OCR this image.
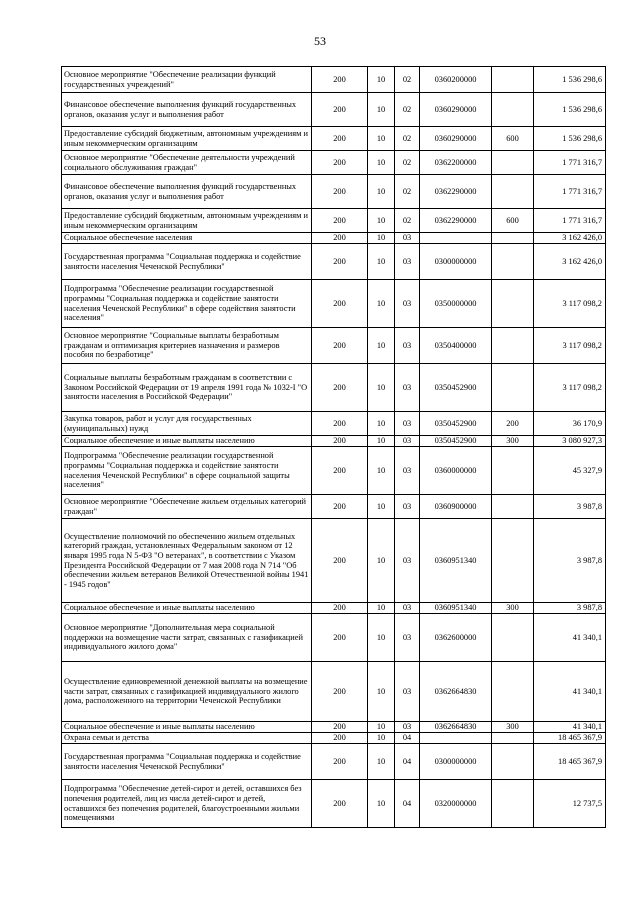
53
Основное мероприятие "Обеспечение реализации функций государственных учреждений"	200	10	02	0360200000		1 536 298,6
Финансовое обеспечение выполнения функций государственных органов, оказания услуг и выполнения работ	200	10	02	0360290000		1 536 298,6
Предоставление субсидий бюджетным, автономным учреждениям и иным некоммерческим организациям	200	10	02	0360290000	600	1 536 298,6
Основное мероприятие "Обеспечение деятельности учреждений социального обслуживания граждан"	200	10	02	0362200000		1 771 316,7
Финансовое обеспечение выполнения функций государственных органов, оказания услуг и выполнения работ	200	10	02	0362290000		1 771 316,7
Предоставление субсидий бюджетным, автономным учреждениям и иным некоммерческим организациям	200	10	02	0362290000	600	1 771 316,7
Социальное обеспечение населения	200	10	03			3 162 426,0
Государственная программа "Социальная поддержка и содействие занятости населения Чеченской Республики"	200	10	03	0300000000		3 162 426,0
Подпрограмма "Обеспечение реализации государственной программы "Социальная поддержка и содействие занятости населения Чеченской Республики" в сфере содействия занятости населения"	200	10	03	0350000000		3 117 098,2
Основное мероприятие "Социальные выплаты безработным гражданам и оптимизация критериев назначения и размеров пособия по безработице"	200	10	03	0350400000		3 117 098,2
Социальные выплаты безработным гражданам в соответствии с Законом Российской Федерации от 19 апреля 1991 года № 1032-I "О занятости населения в Российской Федерации"	200	10	03	0350452900		3 117 098,2
Закупка товаров, работ и услуг для государственных (муниципальных) нужд	200	10	03	0350452900	200	36 170,9
Социальное обеспечение и иные выплаты населению	200	10	03	0350452900	300	3 080 927,3
Подпрограмма "Обеспечение реализации государственной программы "Социальная поддержка и содействие занятости населения Чеченской Республики" в сфере социальной защиты населения"	200	10	03	0360000000		45 327,9
Основное мероприятие "Обеспечение жильем отдельных категорий граждан"	200	10	03	0360900000		3 987,8
Осуществление полномочий по обеспечению жильем отдельных категорий граждан, установленных Федеральным законом от 12 января 1995 года N 5-ФЗ "О ветеранах", в соответствии с Указом Президента Российской Федерации от 7 мая 2008 года N 714 "Об обеспечении жильем ветеранов Великой Отечественной войны 1941 - 1945 годов"	200	10	03	0360951340		3 987,8
Социальное обеспечение и иные выплаты населению	200	10	03	0360951340	300	3 987,8
Основное мероприятие "Дополнительная мера социальной поддержки на возмещение части затрат, связанных с газификацией индивидуального жилого дома"	200	10	03	0362600000		41 340,1
Осуществление единовременной денежной выплаты на возмещение части затрат, связанных с газификацией индивидуального жилого дома, расположенного на территории Чеченской Республики	200	10	03	0362664830		41 340,1
Социальное обеспечение и иные выплаты населению	200	10	03	0362664830	300	41 340,1
Охрана семьи и детства	200	10	04			18 465 367,9
Государственная программа "Социальная поддержка и содействие занятости населения Чеченской Республики"	200	10	04	0300000000		18 465 367,9
Подпрограмма "Обеспечение детей-сирот и детей, оставшихся без попечения родителей, лиц из числа детей-сирот и детей, оставшихся без попечения родителей, благоустроенными жильми помещениями	200	10	04	0320000000		12 737,5
